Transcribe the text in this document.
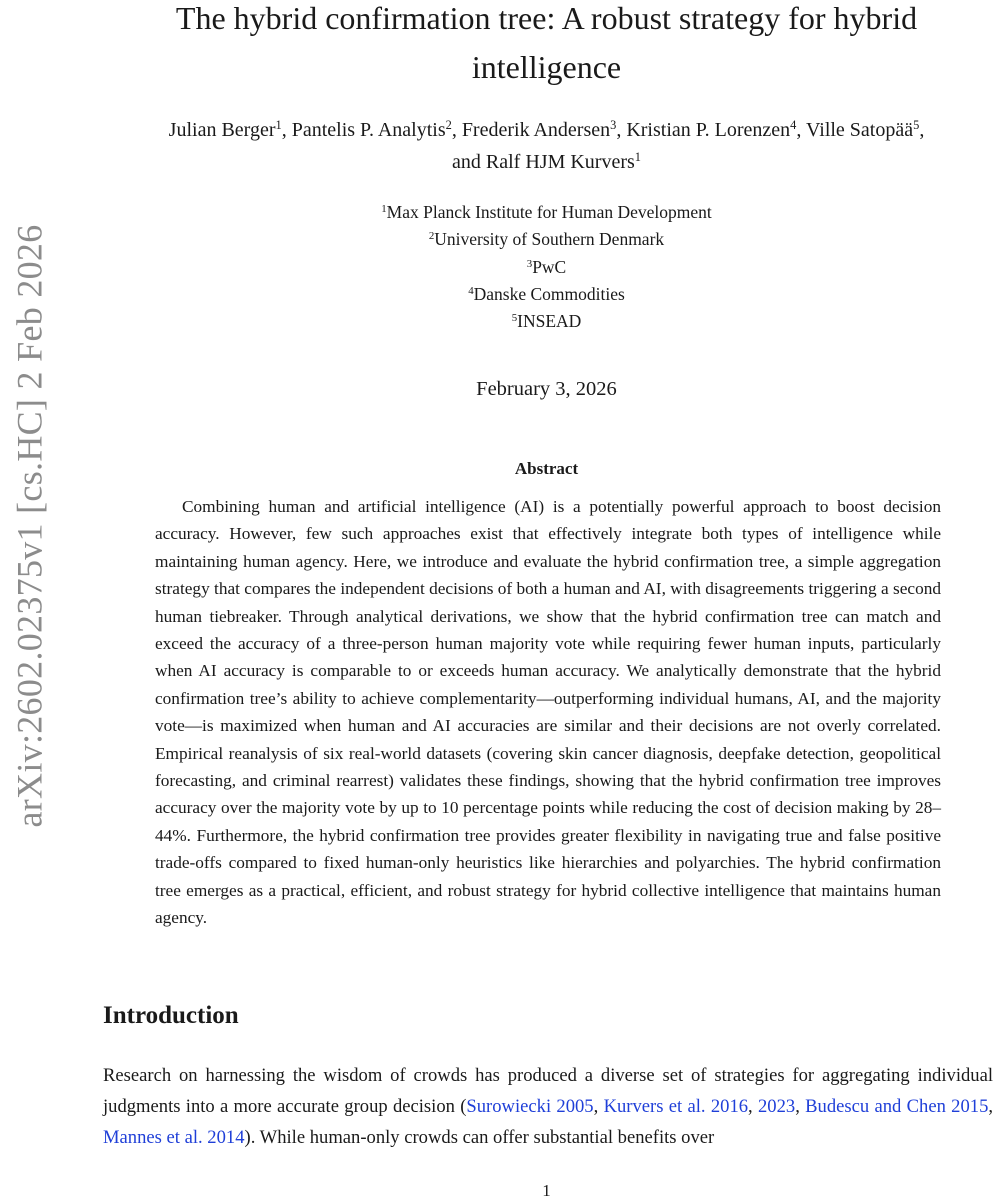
arXiv:2602.02375v1 [cs.HC] 2 Feb 2026
The hybrid confirmation tree: A robust strategy for hybrid intelligence
Julian Berger$^1$, Pantelis P. Analytis$^2$, Frederik Andersen$^3$, Kristian P. Lorenzen$^4$, Ville Satopää$^5$,
and Ralf HJM Kurvers$^1$
$^1$Max Planck Institute for Human Development
$^2$University of Southern Denmark
$^3$PwC
$^4$Danske Commodities
$^5$INSEAD
February 3, 2026
Abstract
Combining human and artificial intelligence (AI) is a potentially powerful approach to boost decision accuracy. However, few such approaches exist that effectively integrate both types of intelligence while maintaining human agency. Here, we introduce and evaluate the hybrid confirmation tree, a simple aggregation strategy that compares the independent decisions of both a human and AI, with disagreements triggering a second human tiebreaker. Through analytical derivations, we show that the hybrid confirmation tree can match and exceed the accuracy of a three-person human majority vote while requiring fewer human inputs, particularly when AI accuracy is comparable to or exceeds human accuracy. We analytically demonstrate that the hybrid confirmation tree’s ability to achieve complementarity—outperforming individual humans, AI, and the majority vote—is maximized when human and AI accuracies are similar and their decisions are not overly correlated. Empirical reanalysis of six real-world datasets (covering skin cancer diagnosis, deepfake detection, geopolitical forecasting, and criminal rearrest) validates these findings, showing that the hybrid confirmation tree improves accuracy over the majority vote by up to 10 percentage points while reducing the cost of decision making by 28–44%. Furthermore, the hybrid confirmation tree provides greater flexibility in navigating true and false positive trade-offs compared to fixed human-only heuristics like hierarchies and polyarchies. The hybrid confirmation tree emerges as a practical, efficient, and robust strategy for hybrid collective intelligence that maintains human agency.
Introduction
Research on harnessing the wisdom of crowds has produced a diverse set of strategies for aggregating individual judgments into a more accurate group decision (Surowiecki 2005, Kurvers et al. 2016, 2023, Budescu and Chen 2015, Mannes et al. 2014). While human-only crowds can offer substantial benefits over
1
